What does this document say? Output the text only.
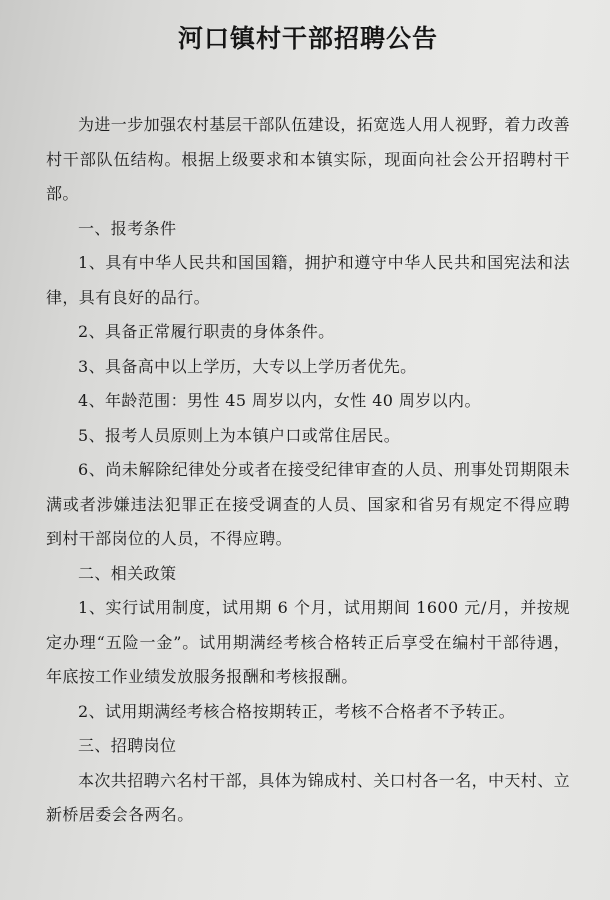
河口镇村干部招聘公告

为进一步加强农村基层干部队伍建设，拓宽选人用人视野，着力改善村干部队伍结构。根据上级要求和本镇实际，现面向社会公开招聘村干部。

一、报考条件

1、具有中华人民共和国国籍，拥护和遵守中华人民共和国宪法和法律，具有良好的品行。

2、具备正常履行职责的身体条件。

3、具备高中以上学历，大专以上学历者优先。

4、年龄范围：男性 45 周岁以内，女性 40 周岁以内。

5、报考人员原则上为本镇户口或常住居民。

6、尚未解除纪律处分或者在接受纪律审查的人员、刑事处罚期限未满或者涉嫌违法犯罪正在接受调查的人员、国家和省另有规定不得应聘到村干部岗位的人员，不得应聘。

二、相关政策

1、实行试用制度，试用期 6 个月，试用期间 1600 元/月，并按规定办理“五险一金”。试用期满经考核合格转正后享受在编村干部待遇，年底按工作业绩发放服务报酬和考核报酬。

2、试用期满经考核合格按期转正，考核不合格者不予转正。

三、招聘岗位

本次共招聘六名村干部，具体为锦成村、关口村各一名，中天村、立新桥居委会各两名。
